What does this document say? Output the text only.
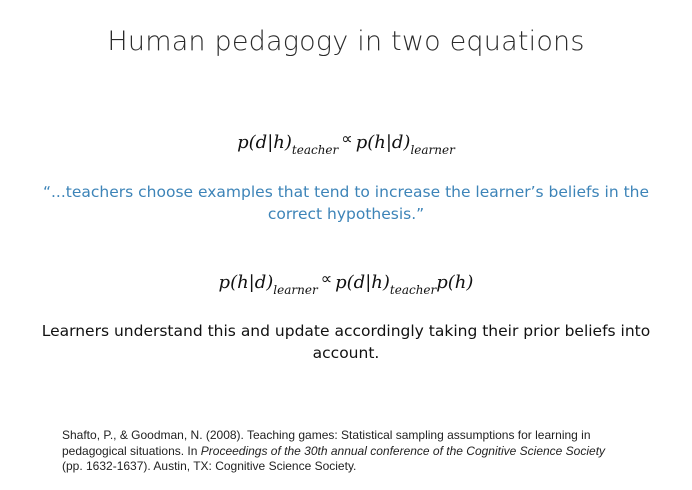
Human pedagogy in two equations
$p(d|h)_{teacher}\propto p(h|d)_{learner}$
“...teachers choose examples that tend to increase the learner’s beliefs in the correct hypothesis.”
$p(h|d)_{learner}\propto p(d|h)_{teacher}p(h)$
Learners understand this and update accordingly taking their prior beliefs into account.
Shafto, P., & Goodman, N. (2008). Teaching games: Statistical sampling assumptions for learning in pedagogical situations. In Proceedings of the 30th annual conference of the Cognitive Science Society (pp. 1632-1637). Austin, TX: Cognitive Science Society.
